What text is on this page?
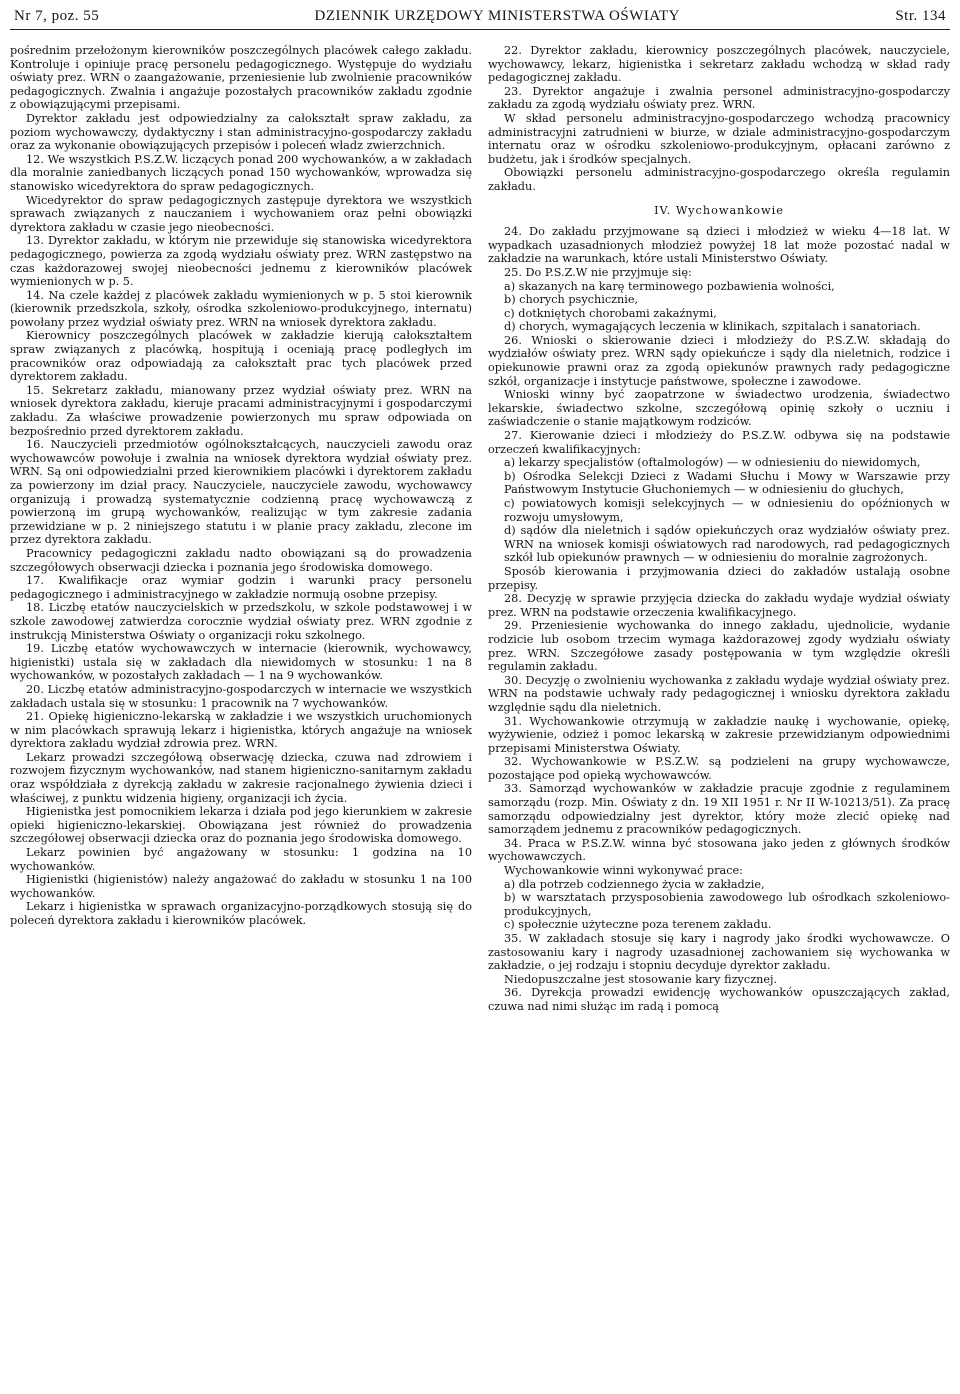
Nr 7, poz. 55	DZIENNIK URZĘDOWY MINISTERSTWA OŚWIATY	Str. 134

pośrednim przełożonym kierowników poszczególnych placówek całego zakładu. Kontroluje i opiniuje pracę personelu pedagogicznego. Występuje do wydziału oświaty prez. WRN o zaangażowanie, przeniesienie lub zwolnienie pracowników pedagogicznych. Zwalnia i angażuje pozostałych pracowników zakładu zgodnie z obowiązującymi przepisami.

Dyrektor zakładu jest odpowiedzialny za całokształt spraw zakładu, za poziom wychowawczy, dydaktyczny i stan administracyjno-gospodarczy zakładu oraz za wykonanie obowiązujących przepisów i poleceń władz zwierzchnich.

12. We wszystkich P.S.Z.W. liczących ponad 200 wychowanków, a w zakładach dla moralnie zaniedbanych liczących ponad 150 wychowanków, wprowadza się stanowisko wicedyrektora do spraw pedagogicznych.

Wicedyrektor do spraw pedagogicznych zastępuje dyrektora we wszystkich sprawach związanych z nauczaniem i wychowaniem oraz pełni obowiązki dyrektora zakładu w czasie jego nieobecności.

13. Dyrektor zakładu, w którym nie przewiduje się stanowiska wicedyrektora pedagogicznego, powierza za zgodą wydziału oświaty prez. WRN zastępstwo na czas każdorazowej swojej nieobecności jednemu z kierowników placówek wymienionych w p. 5.

14. Na czele każdej z placówek zakładu wymienionych w p. 5 stoi kierownik (kierownik przedszkola, szkoły, ośrodka szkoleniowo-produkcyjnego, internatu) powołany przez wydział oświaty prez. WRN na wniosek dyrektora zakładu.

Kierownicy poszczególnych placówek w zakładzie kierują całokształtem spraw związanych z placówką, hospitują i oceniają pracę podległych im pracowników oraz odpowiadają za całokształt prac tych placówek przed dyrektorem zakładu.

15. Sekretarz zakładu, mianowany przez wydział oświaty prez. WRN na wniosek dyrektora zakładu, kieruje pracami administracyjnymi i gospodarczymi zakładu. Za właściwe prowadzenie powierzonych mu spraw odpowiada on bezpośrednio przed dyrektorem zakładu.

16. Nauczycieli przedmiotów ogólnokształcących, nauczycieli zawodu oraz wychowawców powołuje i zwalnia na wniosek dyrektora wydział oświaty prez. WRN. Są oni odpowiedzialni przed kierownikiem placówki i dyrektorem zakładu za powierzony im dział pracy. Nauczyciele, nauczyciele zawodu, wychowawcy organizują i prowadzą systematycznie codzienną pracę wychowawczą z powierzoną im grupą wychowanków, realizując w tym zakresie zadania przewidziane w p. 2 niniejszego statutu i w planie pracy zakładu, zlecone im przez dyrektora zakładu.

Pracownicy pedagogiczni zakładu nadto obowiązani są do prowadzenia szczegółowych obserwacji dziecka i poznania jego środowiska domowego.

17. Kwalifikacje oraz wymiar godzin i warunki pracy personelu pedagogicznego i administracyjnego w zakładzie normują osobne przepisy.

18. Liczbę etatów nauczycielskich w przedszkolu, w szkole podstawowej i w szkole zawodowej zatwierdza corocznie wydział oświaty prez. WRN zgodnie z instrukcją Ministerstwa Oświaty o organizacji roku szkolnego.

19. Liczbę etatów wychowawczych w internacie (kierownik, wychowawcy, higienistki) ustala się w zakładach dla niewidomych w stosunku: 1 na 8 wychowanków, w pozostałych zakładach — 1 na 9 wychowanków.

20. Liczbę etatów administracyjno-gospodarczych w internacie we wszystkich zakładach ustala się w stosunku: 1 pracownik na 7 wychowanków.

21. Opiekę higieniczno-lekarską w zakładzie i we wszystkich uruchomionych w nim placówkach sprawują lekarz i higienistka, których angażuje na wniosek dyrektora zakładu wydział zdrowia prez. WRN.

Lekarz prowadzi szczegółową obserwację dziecka, czuwa nad zdrowiem i rozwojem fizycznym wychowanków, nad stanem higieniczno-sanitarnym zakładu oraz współdziała z dyrekcją zakładu w zakresie racjonalnego żywienia dzieci i właściwej, z punktu widzenia higieny, organizacji ich życia.

Higienistka jest pomocnikiem lekarza i działa pod jego kierunkiem w zakresie opieki higieniczno-lekarskiej. Obowiązana jest również do prowadzenia szczegółowej obserwacji dziecka oraz do poznania jego środowiska domowego.

Lekarz powinien być angażowany w stosunku: 1 godzina na 10 wychowanków.

Higienistki (higienistów) należy angażować do zakładu w stosunku 1 na 100 wychowanków.

Lekarz i higienistka w sprawach organizacyjno-porządkowych stosują się do poleceń dyrektora zakładu i kierowników placówek.

22. Dyrektor zakładu, kierownicy poszczególnych placówek, nauczyciele, wychowawcy, lekarz, higienistka i sekretarz zakładu wchodzą w skład rady pedagogicznej zakładu.

23. Dyrektor angażuje i zwalnia personel administracyjno-gospodarczy zakładu za zgodą wydziału oświaty prez. WRN.

W skład personelu administracyjno-gospodarczego wchodzą pracownicy administracyjni zatrudnieni w biurze, w dziale administracyjno-gospodarczym internatu oraz w ośrodku szkoleniowo-produkcyjnym, opłacani zarówno z budżetu, jak i środków specjalnych.

Obowiązki personelu administracyjno-gospodarczego określa regulamin zakładu.

IV. Wychowankowie

24. Do zakładu przyjmowane są dzieci i młodzież w wieku 4—18 lat. W wypadkach uzasadnionych młodzież powyżej 18 lat może pozostać nadal w zakładzie na warunkach, które ustali Ministerstwo Oświaty.

25. Do P.S.Z.W nie przyjmuje się:

a) skazanych na karę terminowego pozbawienia wolności,

b) chorych psychicznie,

c) dotkniętych chorobami zakaźnymi,

d) chorych, wymagających leczenia w klinikach, szpitalach i sanatoriach.

26. Wnioski o skierowanie dzieci i młodzieży do P.S.Z.W. składają do wydziałów oświaty prez. WRN sądy opiekuńcze i sądy dla nieletnich, rodzice i opiekunowie prawni oraz za zgodą opiekunów prawnych rady pedagogiczne szkół, organizacje i instytucje państwowe, społeczne i zawodowe.

Wnioski winny być zaopatrzone w świadectwo urodzenia, świadectwo lekarskie, świadectwo szkolne, szczegółową opinię szkoły o uczniu i zaświadczenie o stanie majątkowym rodziców.

27. Kierowanie dzieci i młodzieży do P.S.Z.W. odbywa się na podstawie orzeczeń kwalifikacyjnych:

a) lekarzy specjalistów (oftalmologów) — w odniesieniu do niewidomych,

b) Ośrodka Selekcji Dzieci z Wadami Słuchu i Mowy w Warszawie przy Państwowym Instytucie Głuchoniemych — w odniesieniu do głuchych,

c) powiatowych komisji selekcyjnych — w odniesieniu do opóźnionych w rozwoju umysłowym,

d) sądów dla nieletnich i sądów opiekuńczych oraz wydziałów oświaty prez. WRN na wniosek komisji oświatowych rad narodowych, rad pedagogicznych szkół lub opiekunów prawnych — w odniesieniu do moralnie zagrożonych.

Sposób kierowania i przyjmowania dzieci do zakładów ustalają osobne przepisy.

28. Decyzję w sprawie przyjęcia dziecka do zakładu wydaje wydział oświaty prez. WRN na podstawie orzeczenia kwalifikacyjnego.

29. Przeniesienie wychowanka do innego zakładu, ujednolicie, wydanie rodzicie lub osobom trzecim wymaga każdorazowej zgody wydziału oświaty prez. WRN. Szczegółowe zasady postępowania w tym względzie określi regulamin zakładu.

30. Decyzję o zwolnieniu wychowanka z zakładu wydaje wydział oświaty prez. WRN na podstawie uchwały rady pedagogicznej i wniosku dyrektora zakładu względnie sądu dla nieletnich.

31. Wychowankowie otrzymują w zakładzie naukę i wychowanie, opiekę, wyżywienie, odzież i pomoc lekarską w zakresie przewidzianym odpowiednimi przepisami Ministerstwa Oświaty.

32. Wychowankowie w P.S.Z.W. są podzieleni na grupy wychowawcze, pozostające pod opieką wychowawców.

33. Samorząd wychowanków w zakładzie pracuje zgodnie z regulaminem samorządu (rozp. Min. Oświaty z dn. 19 XII 1951 r. Nr II W-10213/51). Za pracę samorządu odpowiedzialny jest dyrektor, który może zlecić opiekę nad samorządem jednemu z pracowników pedagogicznych.

34. Praca w P.S.Z.W. winna być stosowana jako jeden z głównych środków wychowawczych.

Wychowankowie winni wykonywać prace:

a) dla potrzeb codziennego życia w zakładzie,

b) w warsztatach przysposobienia zawodowego lub ośrodkach szkoleniowo-produkcyjnych,

c) społecznie użyteczne poza terenem zakładu.

35. W zakładach stosuje się kary i nagrody jako środki wychowawcze. O zastosowaniu kary i nagrody uzasadnionej zachowaniem się wychowanka w zakładzie, o jej rodzaju i stopniu decyduje dyrektor zakładu.

Niedopuszczalne jest stosowanie kary fizycznej.

36. Dyrekcja prowadzi ewidencję wychowanków opuszczających zakład, czuwa nad nimi służąc im radą i pomocą
